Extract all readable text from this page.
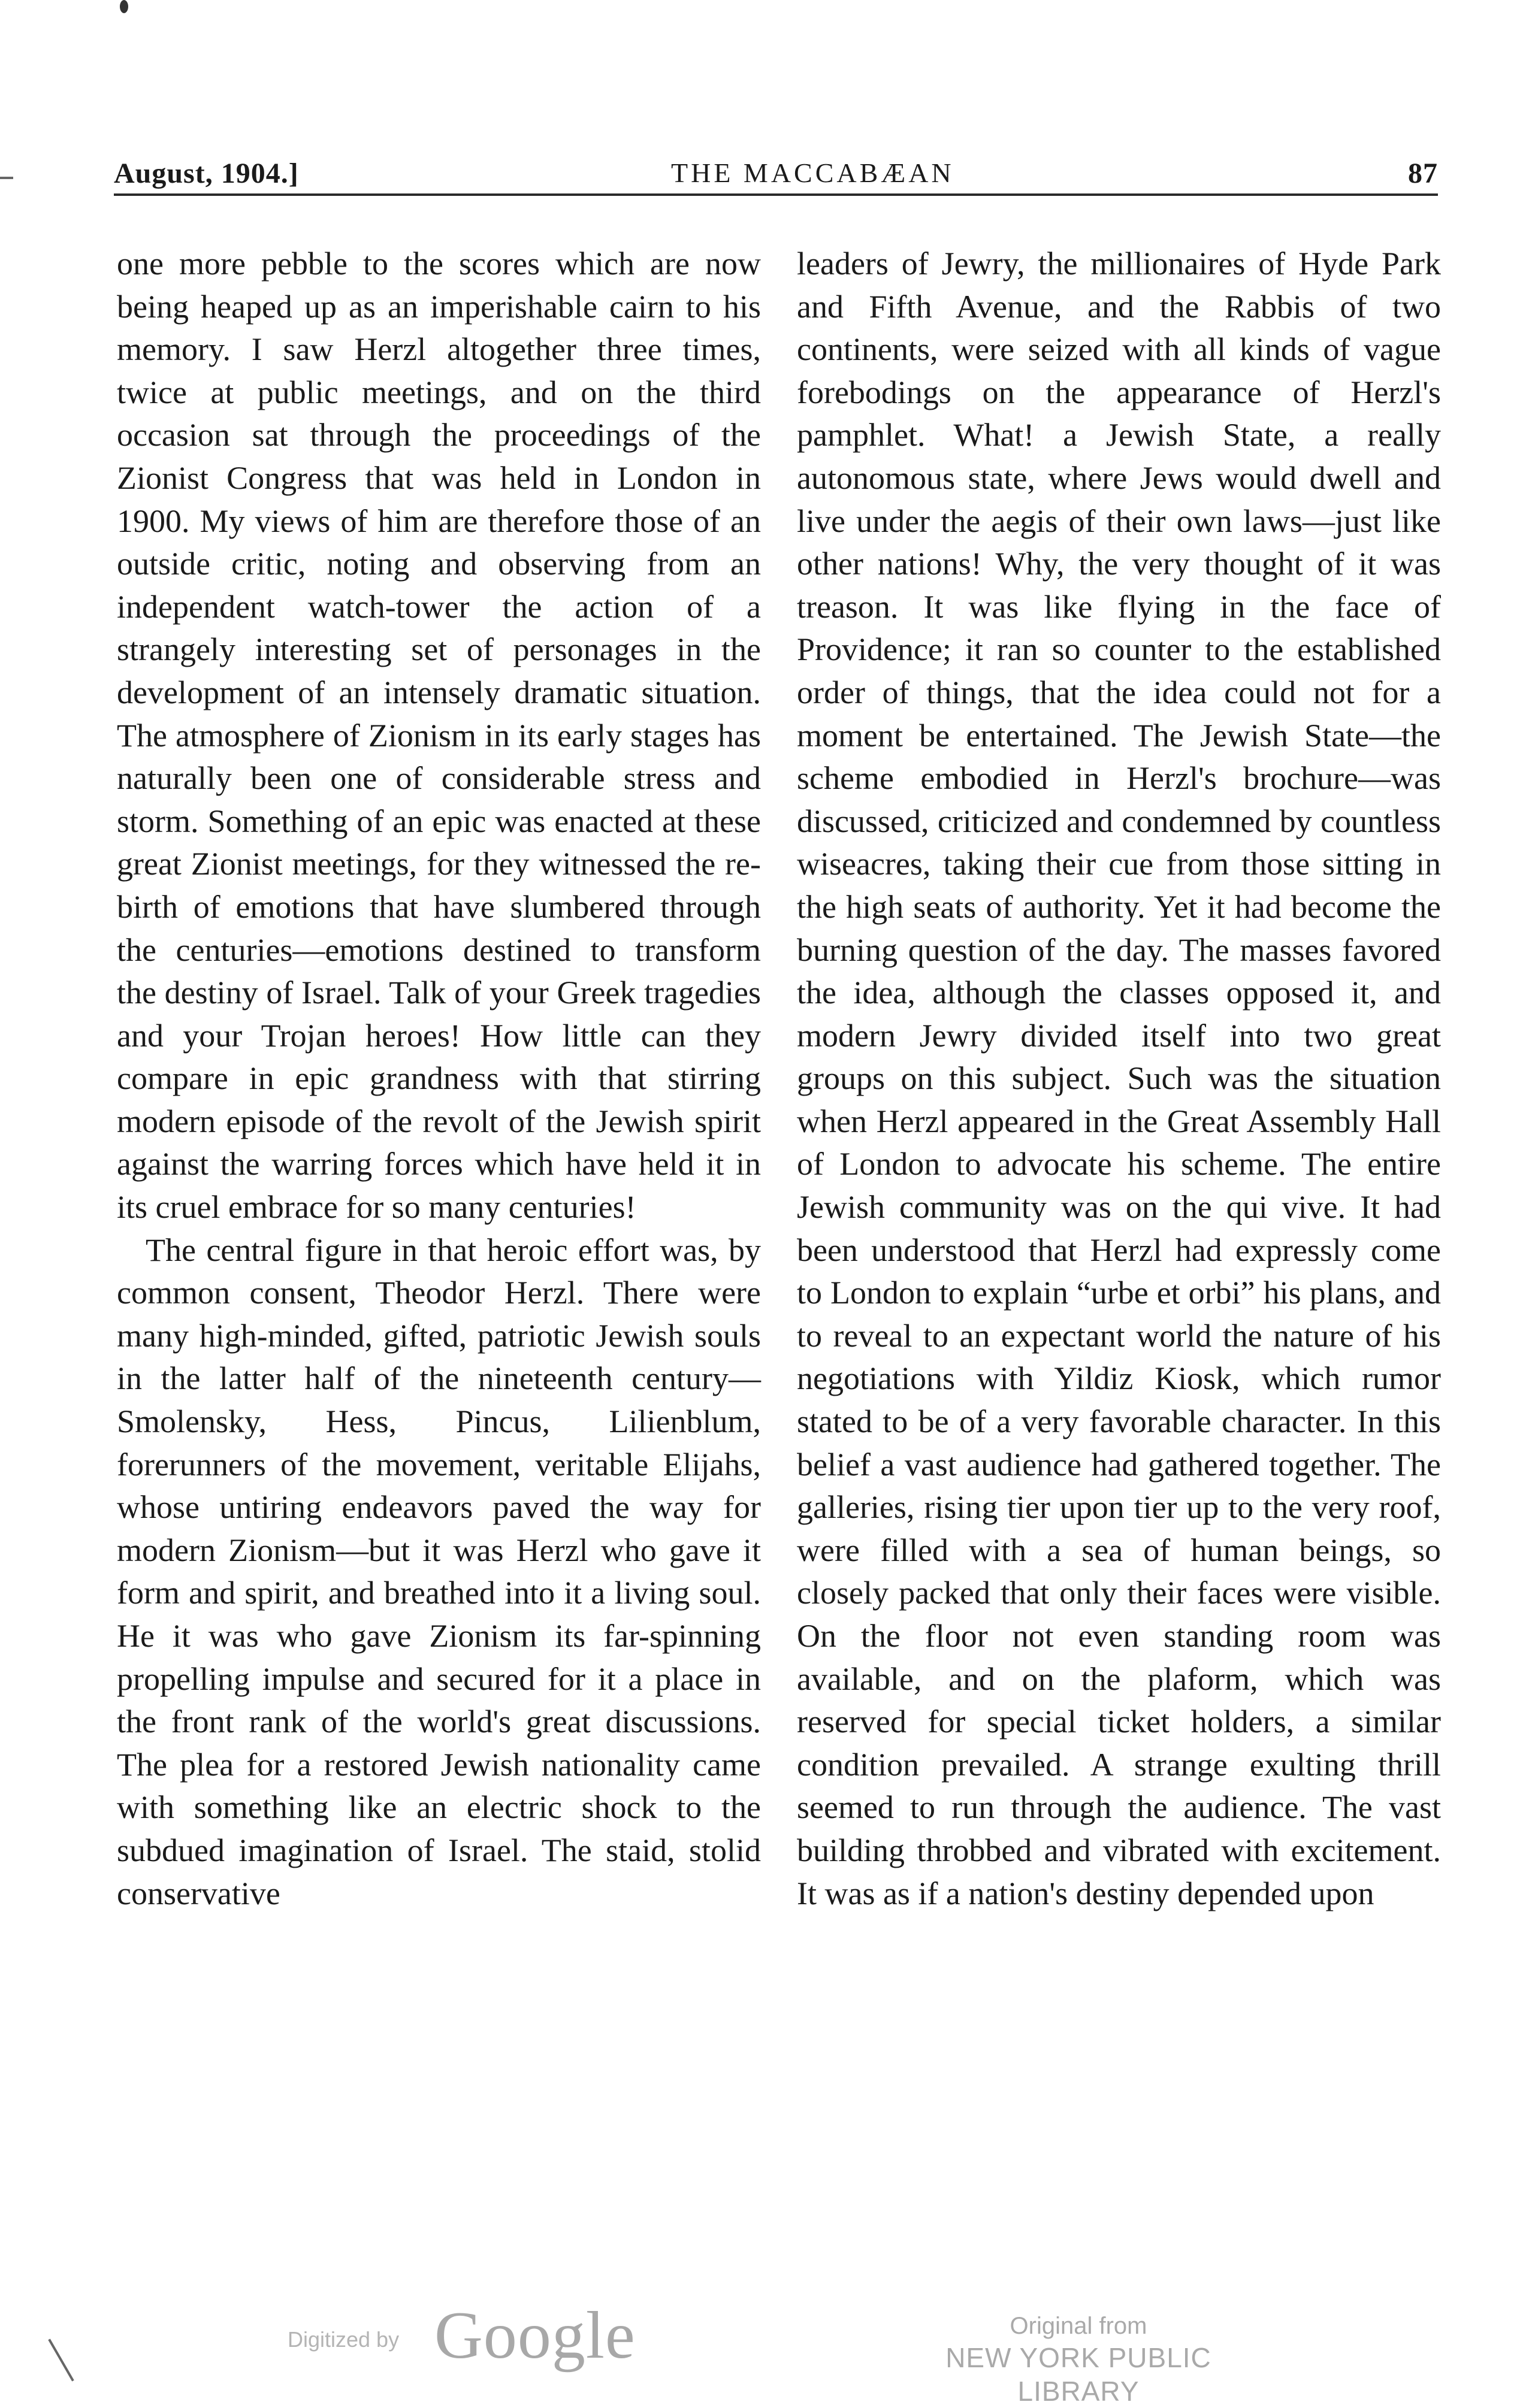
August, 1904.]	THE MACCABÆAN	87

one more pebble to the scores which are now being heaped up as an imperishable cairn to his memory. I saw Herzl altogether three times, twice at public meetings, and on the third occasion sat through the proceedings of the Zionist Congress that was held in London in 1900. My views of him are therefore those of an outside critic, noting and observing from an independent watch-tower the action of a strangely interesting set of personages in the development of an intensely dramatic situation. The atmosphere of Zionism in its early stages has naturally been one of considerable stress and storm. Something of an epic was enacted at these great Zionist meetings, for they witnessed the re-birth of emotions that have slumbered through the centuries—emotions destined to transform the destiny of Israel. Talk of your Greek tragedies and your Trojan heroes! How little can they compare in epic grandness with that stirring modern episode of the revolt of the Jewish spirit against the warring forces which have held it in its cruel embrace for so many centuries!

The central figure in that heroic effort was, by common consent, Theodor Herzl. There were many high-minded, gifted, patriotic Jewish souls in the latter half of the nineteenth century—Smolensky, Hess, Pincus, Lilienblum, forerunners of the movement, veritable Elijahs, whose untiring endeavors paved the way for modern Zionism—but it was Herzl who gave it form and spirit, and breathed into it a living soul. He it was who gave Zionism its far-spinning propelling impulse and secured for it a place in the front rank of the world's great discussions. The plea for a restored Jewish nationality came with something like an electric shock to the subdued imagination of Israel. The staid, stolid conservative

leaders of Jewry, the millionaires of Hyde Park and Fifth Avenue, and the Rabbis of two continents, were seized with all kinds of vague forebodings on the appearance of Herzl's pamphlet. What! a Jewish State, a really autonomous state, where Jews would dwell and live under the aegis of their own laws—just like other nations! Why, the very thought of it was treason. It was like flying in the face of Providence; it ran so counter to the established order of things, that the idea could not for a moment be entertained. The Jewish State—the scheme embodied in Herzl's brochure—was discussed, criticized and condemned by countless wiseacres, taking their cue from those sitting in the high seats of authority. Yet it had become the burning question of the day. The masses favored the idea, although the classes opposed it, and modern Jewry divided itself into two great groups on this subject. Such was the situation when Herzl appeared in the Great Assembly Hall of London to advocate his scheme. The entire Jewish community was on the qui vive. It had been understood that Herzl had expressly come to London to explain “urbe et orbi” his plans, and to reveal to an expectant world the nature of his negotiations with Yildiz Kiosk, which rumor stated to be of a very favorable character. In this belief a vast audience had gathered together. The galleries, rising tier upon tier up to the very roof, were filled with a sea of human beings, so closely packed that only their faces were visible. On the floor not even standing room was available, and on the plaform, which was reserved for special ticket holders, a similar condition prevailed. A strange exulting thrill seemed to run through the audience. The vast building throbbed and vibrated with excitement. It was as if a nation's destiny depended upon

Digitized by Google	Original from
NEW YORK PUBLIC LIBRARY
